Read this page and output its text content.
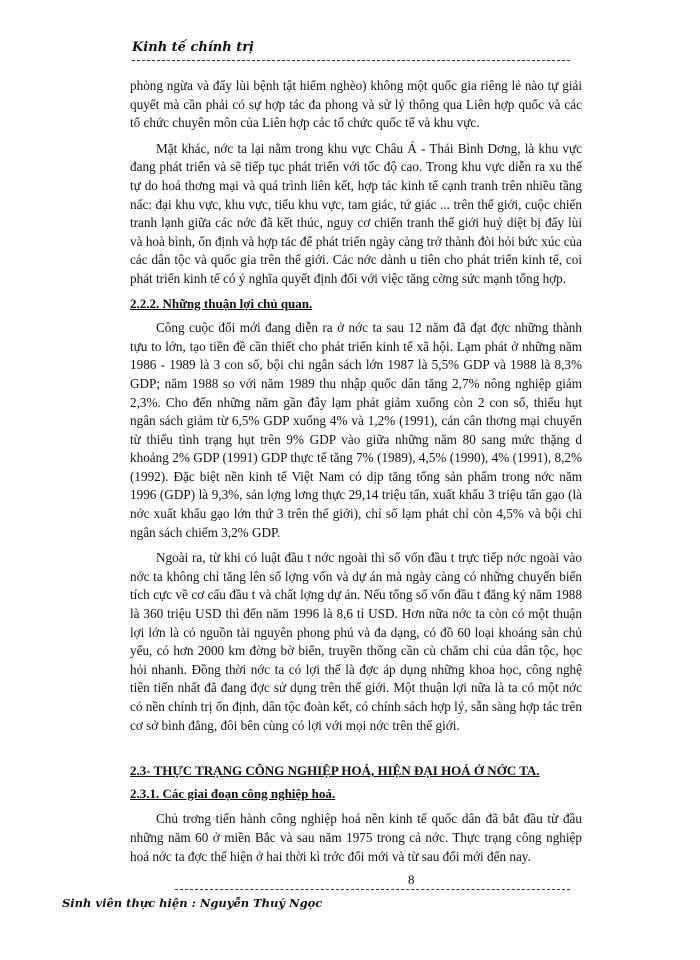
Kinh tế chính trị

phòng ngừa và đẩy lùi bệnh tật hiểm nghèo) không một quốc gia riêng lẻ nào tự giải quyết mà cần phải có sự hợp tác đa phong và sử lý thông qua Liên hợp quốc và các tổ chức chuyên môn của Liên hợp các tổ chức quốc tế và khu vực.

Mặt khác, nớc ta lại nằm trong khu vực Châu Á - Thái Bình Dơng, là khu vực đang phát triển và sẽ tiếp tục phát triển với tốc độ cao. Trong khu vực diễn ra xu thế tự do hoá thơng mại và quá trình liên kết, hợp tác kinh tế cạnh tranh trên nhiều tầng nấc: đại khu vực, khu vực, tiểu khu vực, tam giác, tứ giác ... trên thế giới, cuộc chiến tranh lạnh giữa các nớc đã kết thúc, nguy cơ chiến tranh thế giới huỷ diệt bị đẩy lùi và hoà bình, ổn định và hợp tác để phát triển ngày càng trở thành đòi hỏi bức xúc của các dân tộc và quốc gia trên thế giới. Các nớc dành u tiên cho phát triển kinh tế, coi phát triển kinh tế có ý nghĩa quyết định đối với việc tăng cờng sức mạnh tổng hợp.

2.2.2. Những thuận lợi chủ quan.

Công cuộc đổi mới đang diễn ra ở nớc ta sau 12 năm đã đạt đợc những thành tựu to lớn, tạo tiền đề cần thiết cho phát triển kinh tế xã hội. Lạm phát ở những năm 1986 - 1989 là 3 con số, bội chi ngân sách lớn 1987 là 5,5% GDP và 1988 là 8,3% GDP; năm 1988 so với năm 1989 thu nhập quốc dân tăng 2,7% nông nghiệp giảm 2,3%. Cho đến những năm gần đây lạm phát giảm xuống còn 2 con số, thiếu hụt ngân sách giảm từ 6,5% GDP xuống 4% và 1,2% (1991), cán cân thơng mại chuyển từ thiếu tình trạng hụt trên 9% GDP vào giữa những năm 80 sang mức thặng d khoảng 2% GDP (1991) GDP thực tế tăng 7% (1989), 4,5% (1990), 4% (1991), 8,2% (1992). Đặc biệt nền kinh tế Việt Nam có dịp tăng tổng sản phẩm trong nớc năm 1996 (GDP) là 9,3%, sản lợng lơng thực 29,14 triệu tấn, xuất khẩu 3 triệu tấn gạo (là nớc xuất khẩu gạo lớn thứ 3 trên thế giới), chỉ số lạm phát chỉ còn 4,5% và bội chi ngân sách chiếm 3,2% GDP.

Ngoài ra, từ khi có luật đầu t nớc ngoài thì số vốn đầu t trực tiếp nớc ngoài vào nớc ta không chỉ tăng lên số lợng vốn và dự án mà ngày càng có những chuyển biến tích cực về cơ cấu đầu t và chất lợng dự án. Nếu tổng số vốn đầu t đăng ký năm 1988 là 360 triệu USD thì đến năm 1996 là 8,6 tỉ USD. Hơn nữa nớc ta còn có một thuận lợi lớn là có nguồn tài nguyên phong phú và đa dạng, có đồ 60 loại khoáng sản chủ yếu, có hơn 2000 km đờng bờ biển, truyền thống cần cù chăm chỉ của dân tộc, học hỏi nhanh. Đồng thời nớc ta có lợi thế là đợc áp dụng những khoa học, công nghệ tiên tiến nhất đã đang đợc sử dụng trên thế giới. Một thuận lợi nữa là ta có một nớc có nền chính trị ổn định, dân tộc đoàn kết, có chính sách hợp lý, sẵn sàng hợp tác trên cơ sở bình đẳng, đôi bên cùng có lợi với mọi nớc trên thế giới.

2.3- THỰC TRẠNG CÔNG NGHIỆP HOÁ, HIỆN ĐẠI HOÁ Ở NỚC TA.

2.3.1. Các giai đoạn công nghiệp hoá.

Chủ trơng tiến hành công nghiệp hoá nền kinh tế quốc dân đã bắt đầu từ đầu những năm 60 ở miền Bắc và sau năm 1975 trong cả nớc. Thực trạng công nghiệp hoá nớc ta đợc thể hiện ở hai thời kì trớc đổi mới và từ sau đổi mới đến nay.

8
Sinh viên thực hiện : Nguyễn Thuý Ngọc
